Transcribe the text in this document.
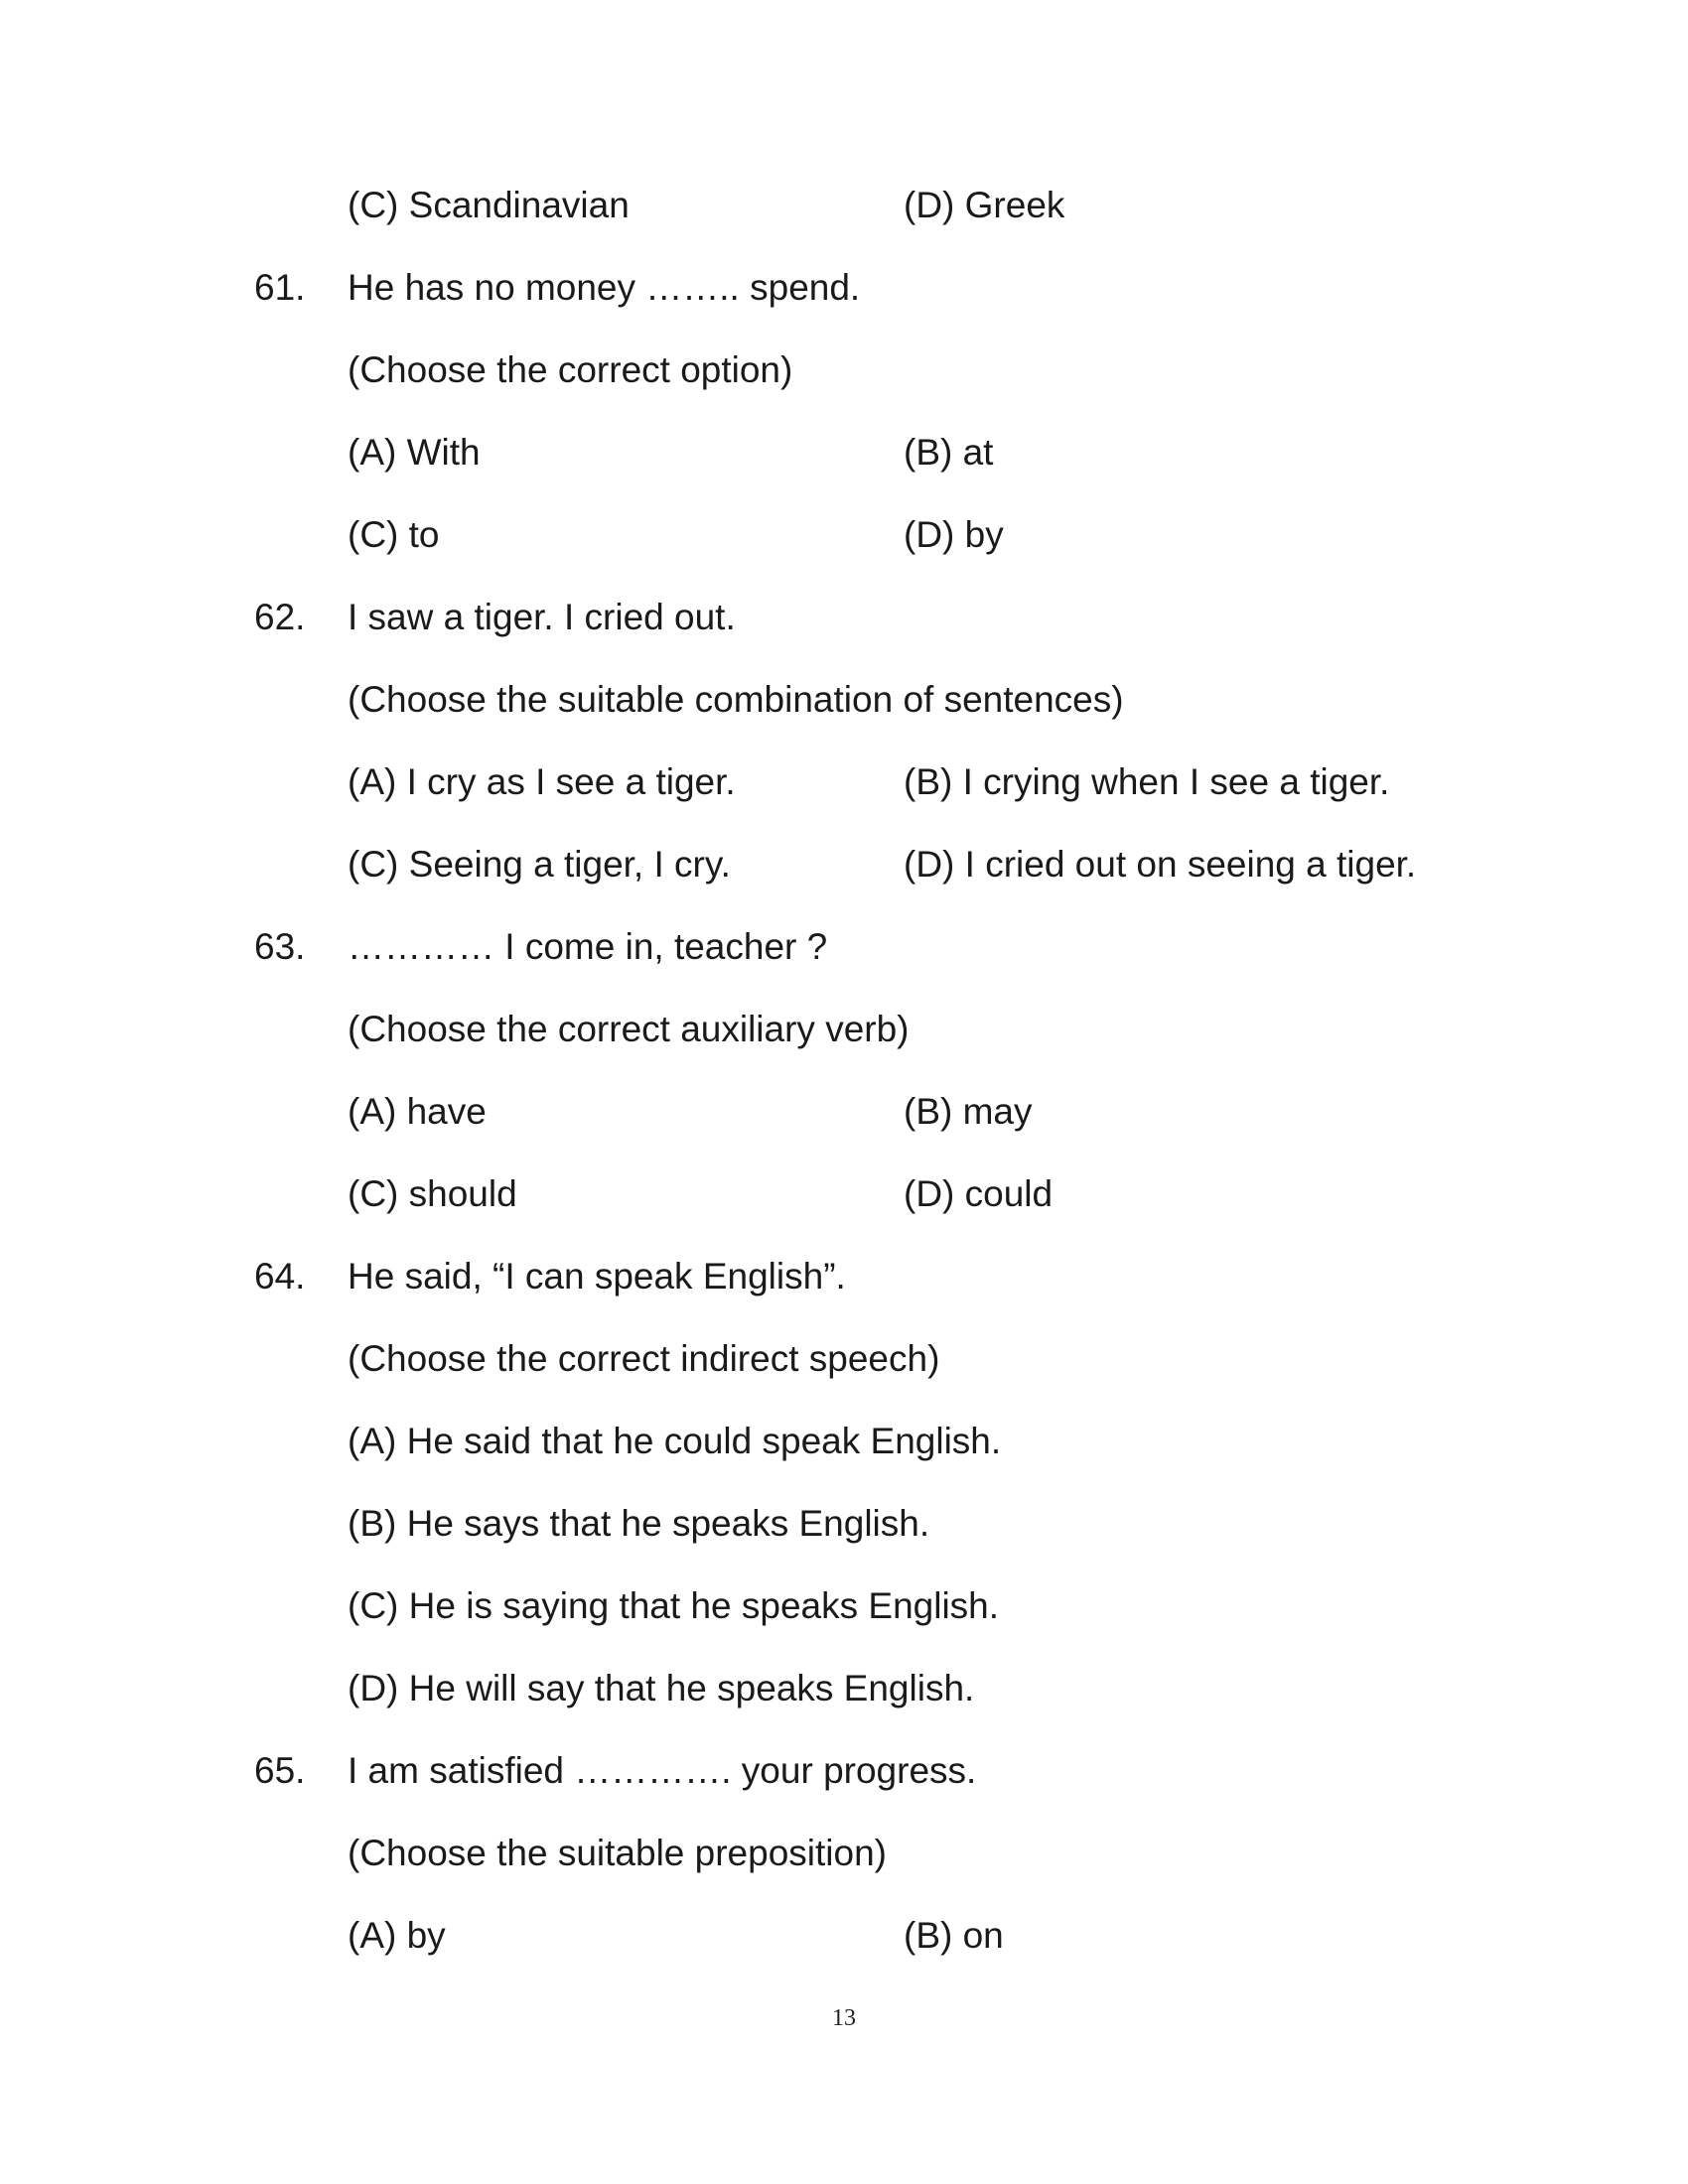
(C) Scandinavian	(D) Greek
61. He has no money …….. spend.
(Choose the correct option)
(A) With	(B) at
(C) to	(D) by
62. I saw a tiger. I cried out.
(Choose the suitable combination of sentences)
(A) I cry as I see a tiger.	(B) I crying when I see a tiger.
(C) Seeing a tiger, I cry.	(D) I cried out on seeing a tiger.
63. ………… I come in, teacher ?
(Choose the correct auxiliary verb)
(A) have	(B) may
(C) should	(D) could
64. He said, “I can speak English”.
(Choose the correct indirect speech)
(A) He said that he could speak English.
(B) He says that he speaks English.
(C) He is saying that he speaks English.
(D) He will say that he speaks English.
65. I am satisfied …………. your progress.
(Choose the suitable preposition)
(A) by	(B) on
13
